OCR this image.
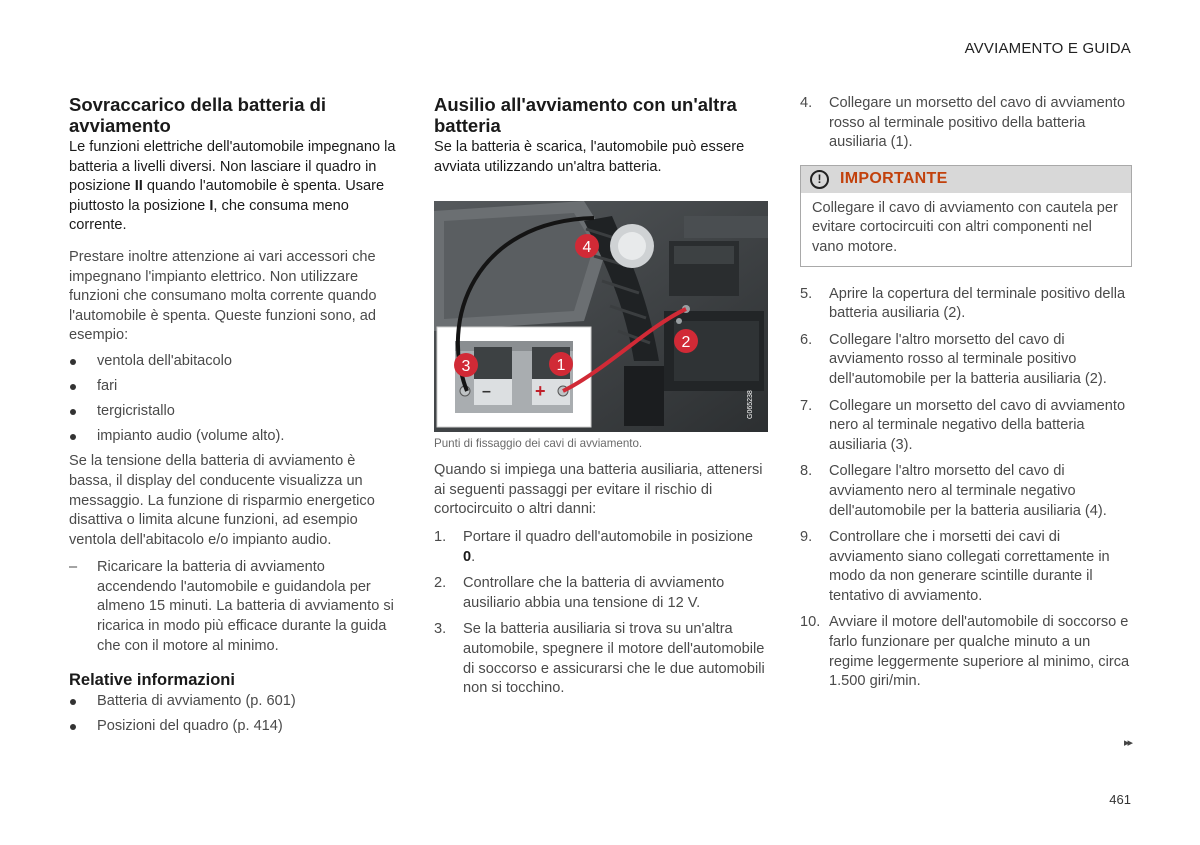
AVVIAMENTO E GUIDA
Sovraccarico della batteria di avviamento

Le funzioni elettriche dell'automobile impegnano la batteria a livelli diversi. Non lasciare il quadro in posizione II quando l'automobile è spenta. Usare piuttosto la posizione I, che consuma meno corrente.

Prestare inoltre attenzione ai vari accessori che impegnano l'impianto elettrico. Non utilizzare funzioni che consumano molta corrente quando l'automobile è spenta. Queste funzioni sono, ad esempio:

ventola dell'abitacolo
fari
tergicristallo
impianto audio (volume alto).

Se la tensione della batteria di avviamento è bassa, il display del conducente visualizza un messaggio. La funzione di risparmio energetico disattiva o limita alcune funzioni, ad esempio ventola dell'abitacolo e/o impianto audio.

– Ricaricare la batteria di avviamento accendendo l'automobile e guidandola per almeno 15 minuti. La batteria di avviamento si ricarica in modo più efficace durante la guida che con il motore al minimo.
Relative informazioni
Batteria di avviamento (p. 601)
Posizioni del quadro (p. 414)
Ausilio all'avviamento con un'altra batteria

Se la batteria è scarica, l'automobile può essere avviata utilizzando un'altra batteria.

– +
4
2
3	1
G065238
Punti di fissaggio dei cavi di avviamento.

Quando si impiega una batteria ausiliaria, attenersi ai seguenti passaggi per evitare il rischio di cortocircuito o altri danni:

1. Portare il quadro dell'automobile in posizione 0.
2. Controllare che la batteria di avviamento ausiliario abbia una tensione di 12 V.
3. Se la batteria ausiliaria si trova su un'altra automobile, spegnere il motore dell'automobile di soccorso e assicurarsi che le due automobili non si tocchino.
4. Collegare un morsetto del cavo di avviamento rosso al terminale positivo della batteria ausiliaria (1).
!	IMPORTANTE
Collegare il cavo di avviamento con cautela per evitare cortocircuiti con altri componenti nel vano motore.
5. Aprire la copertura del terminale positivo della batteria ausiliaria (2).
6. Collegare l'altro morsetto del cavo di avviamento rosso al terminale positivo dell'automobile per la batteria ausiliaria (2).
7. Collegare un morsetto del cavo di avviamento nero al terminale negativo della batteria ausiliaria (3).
8. Collegare l'altro morsetto del cavo di avviamento nero al terminale negativo dell'automobile per la batteria ausiliaria (4).
9. Controllare che i morsetti dei cavi di avviamento siano collegati correttamente in modo da non generare scintille durante il tentativo di avviamento.
10. Avviare il motore dell'automobile di soccorso e farlo funzionare per qualche minuto a un regime leggermente superiore al minimo, circa 1.500 giri/min.
▸▸
461
